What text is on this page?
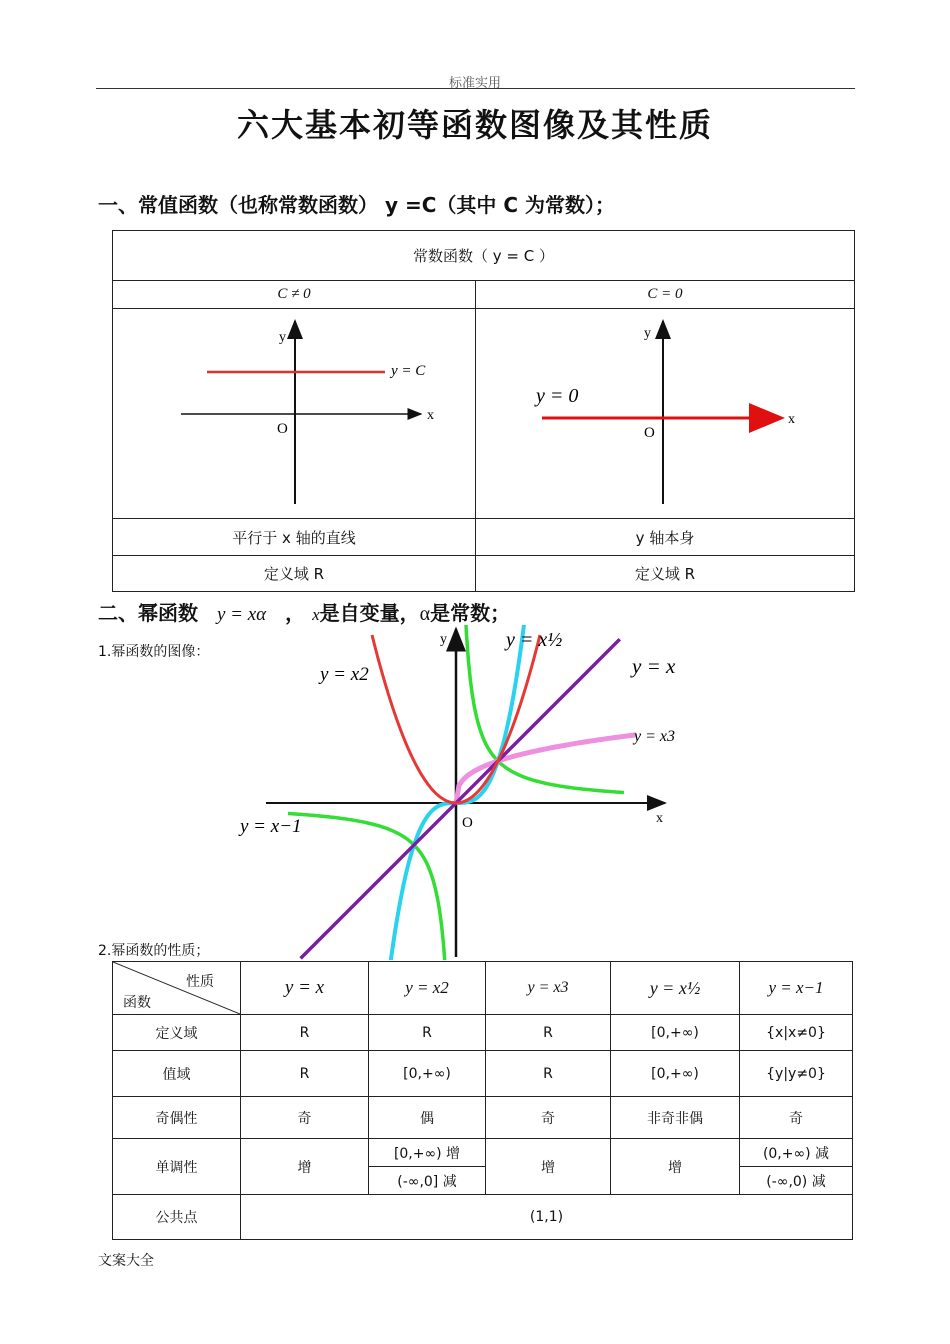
标准实用
六大基本初等函数图像及其性质
一、常值函数（也称常数函数） y =C（其中 C 为常数）；
常数函数（ y = C ）	
C ≠ 0	C = 0

y
x
O
y = C	y
x
O
y = 0

平行于 x 轴的直线	y 轴本身
定义域 R	定义域 R
二、幂函数 y = xα ， x是自变量，α是常数；
1.幂函数的图像：
y
x
O
y = x½
y = x
y = x2
y = x3
y = x−1
2.幂函数的性质；
性质
函数	y = x	y = x2	y = x3	y = x½	y = x−1
定义域	R	R	R	[0,+∞)	{x|x≠0}
值域	R	[0,+∞)	R	[0,+∞)	{y|y≠0}
奇偶性	奇	偶	奇	非奇非偶	奇
单调性	增	[0,+∞) 增	增	增	(0,+∞) 减
		(-∞,0] 减			(-∞,0) 减
公共点	(1,1)				
文案大全
